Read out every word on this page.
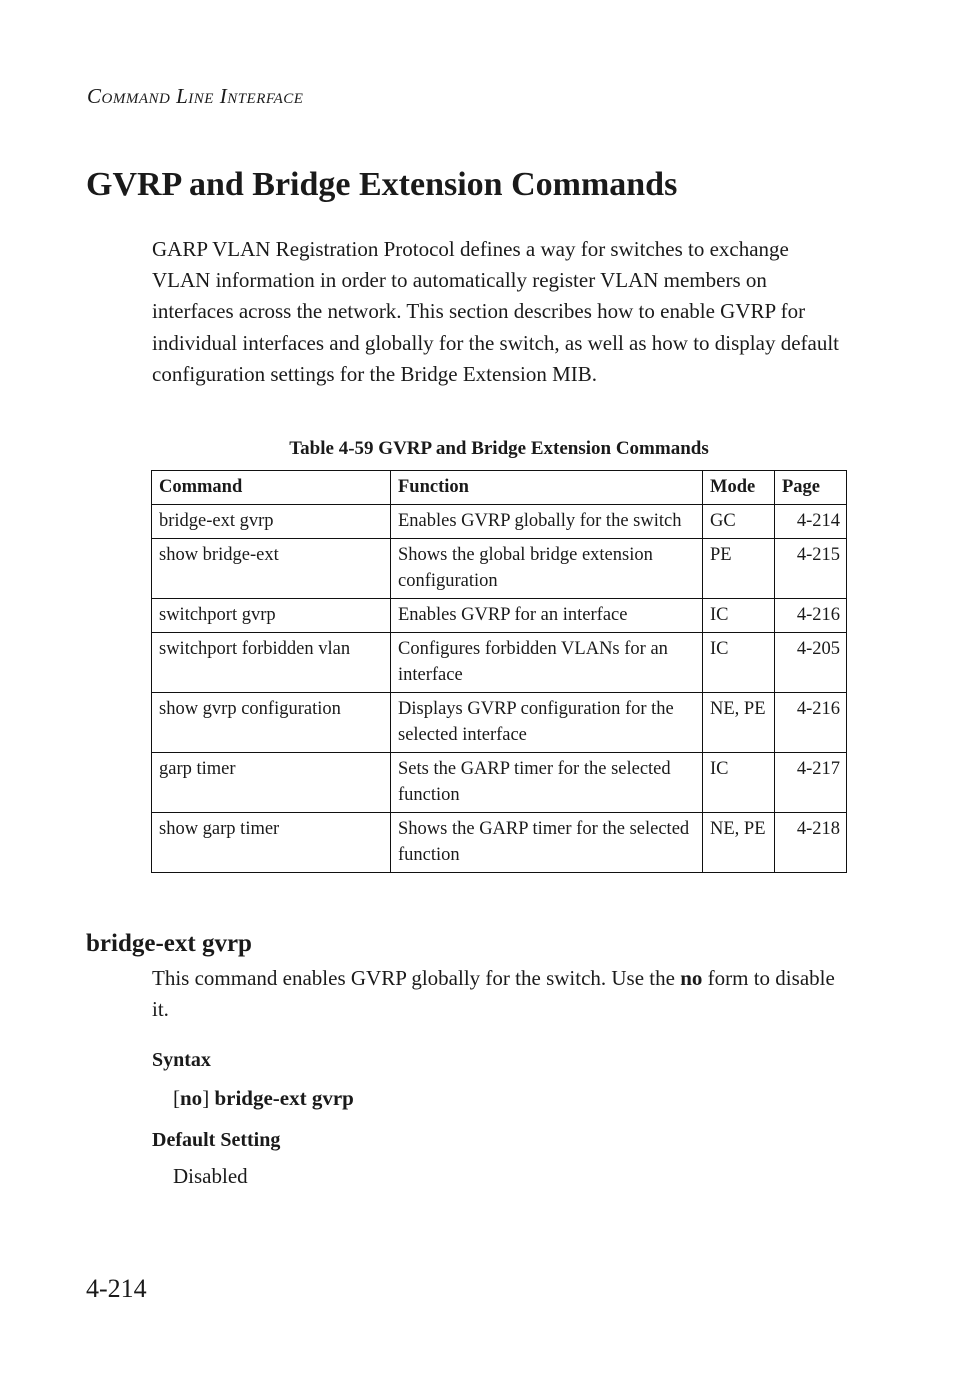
COMMAND LINE INTERFACE
GVRP and Bridge Extension Commands

GARP VLAN Registration Protocol defines a way for switches to exchange VLAN information in order to automatically register VLAN members on interfaces across the network. This section describes how to enable GVRP for individual interfaces and globally for the switch, as well as how to display default configuration settings for the Bridge Extension MIB.

Table 4-59 GVRP and Bridge Extension Commands
Command	Function	Mode	Page
bridge-ext gvrp	Enables GVRP globally for the switch	GC	4-214
show bridge-ext	Shows the global bridge extension configuration	PE	4-215
switchport gvrp	Enables GVRP for an interface	IC	4-216
switchport forbidden vlan	Configures forbidden VLANs for an interface	IC	4-205
show gvrp configuration	Displays GVRP configuration for the selected interface	NE, PE	4-216
garp timer	Sets the GARP timer for the selected function	IC	4-217
show garp timer	Shows the GARP timer for the selected function	NE, PE	4-218
bridge-ext gvrp

This command enables GVRP globally for the switch. Use the no form to disable it.

Syntax
[no] bridge-ext gvrp
Default Setting
Disabled
4-214
